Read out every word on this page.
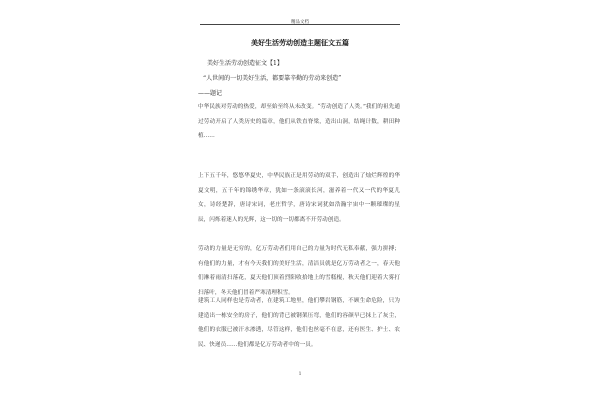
精品文档
美好生活劳动创造主题征文五篇
美好生活劳动创造征文【1】
“人世间的一切美好生活，都要靠辛勤的劳动来创造”
——题记
中华民族对劳动的热爱，却至始至终从未改变。“劳动创造了人类。”我们的祖先通过劳动开启了人类历史的篇章，他们从铁直脊梁，造出山洞，结绳计数，耕田种植……
上下五千年，悠悠华夏史，中华民族正是用劳动的双手，创造出了灿烂辉煌的华夏文明，五千年的锦绣华章，犹如一条滚滚长河，滋养着一代又一代的华夏儿女，诗经楚辞，唐诗宋词，老庄哲学，唐诗宋词犹如浩瀚宇宙中一颗璀璨的星辰，闪烁着迷人的光辉，这一切的一切都离不开劳动创造。
劳动的力量是无穷的，亿万劳动者们用自己的力量为时代无私奉献，强力拼搏；有他们的力量，才有今天我们的美好生活，清洁员就是亿万劳动者之一，春天他们淋着雨清扫落花，夏天他们顶着烈阳收拾地上的雪糕棍，秋天他们迎着大雾打扫落叶，冬天他们冒着严寒清理积雪。
建筑工人同样也是劳动者，在建筑工地里，他们攀岩钢筋，不顾生命危险，只为建造出一栋安全的房子，他们的背已被钢架压弯，他们的容颜早已抹上了灰尘，他们的衣服已被汗水渗透，尽管这样，他们也丝毫不在意，还有医生、护士、农民、快递员……他们都是亿万劳动者中的一员。
1
